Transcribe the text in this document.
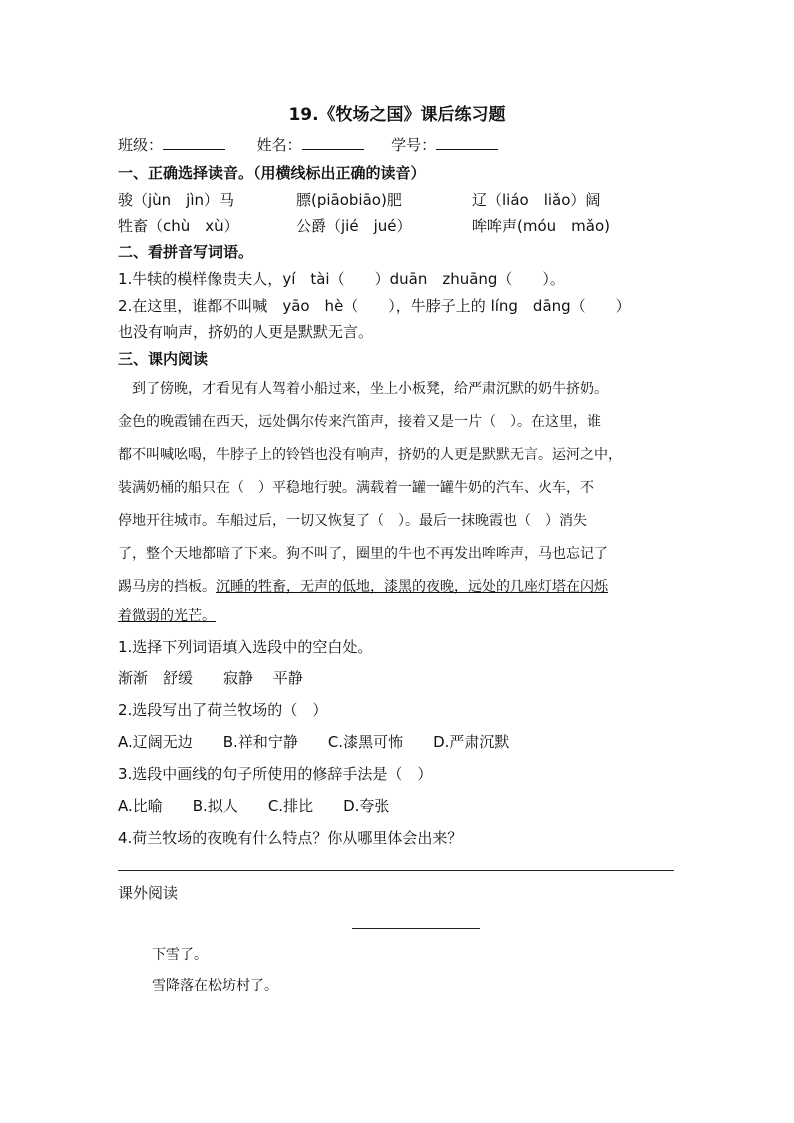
19.《牧场之国》课后练习题
班级：	姓名：	学号：
一、正确选择读音。（用横线标出正确的读音）
骏（jùn　jìn）马	膘(piāobiāo)肥	辽（liáo　liǎo）阔
牲畜（chù　xù）	公爵（jié　jué）	哞哞声(móu　mǎo)
二、看拼音写词语。
1.牛犊的模样像贵夫人，yí　tài（　　）duān　zhuāng（　　）。
2.在这里，谁都不叫喊　yāo　hè（　　），牛脖子上的 líng　dāng（　　）
也没有响声，挤奶的人更是默默无言。
三、课内阅读
　到了傍晚，才看见有人驾着小船过来，坐上小板凳，给严肃沉默的奶牛挤奶。
金色的晚霞铺在西天，远处偶尔传来汽笛声，接着又是一片（　）。在这里，谁
都不叫喊吆喝，牛脖子上的铃铛也没有响声，挤奶的人更是默默无言。运河之中，
装满奶桶的船只在（　）平稳地行驶。满载着一罐一罐牛奶的汽车、火车，不
停地开往城市。车船过后，一切又恢复了（　）。最后一抹晚霞也（　）消失
了，整个天地都暗了下来。狗不叫了，圈里的牛也不再发出哞哞声，马也忘记了
踢马房的挡板。沉睡的牲畜，无声的低地，漆黑的夜晚，远处的几座灯塔在闪烁
着微弱的光芒。
1.选择下列词语填入选段中的空白处。
渐渐　舒缓　　寂静　 平静
2.选段写出了荷兰牧场的（　）
A.辽阔无边　　B.祥和宁静　　C.漆黑可怖　　D.严肃沉默
3.选段中画线的句子所使用的修辞手法是（　）
A.比喻　　B.拟人　　C.排比　　D.夸张
4.荷兰牧场的夜晚有什么特点？你从哪里体会出来？
课外阅读
下雪了。
雪降落在松坊村了。
